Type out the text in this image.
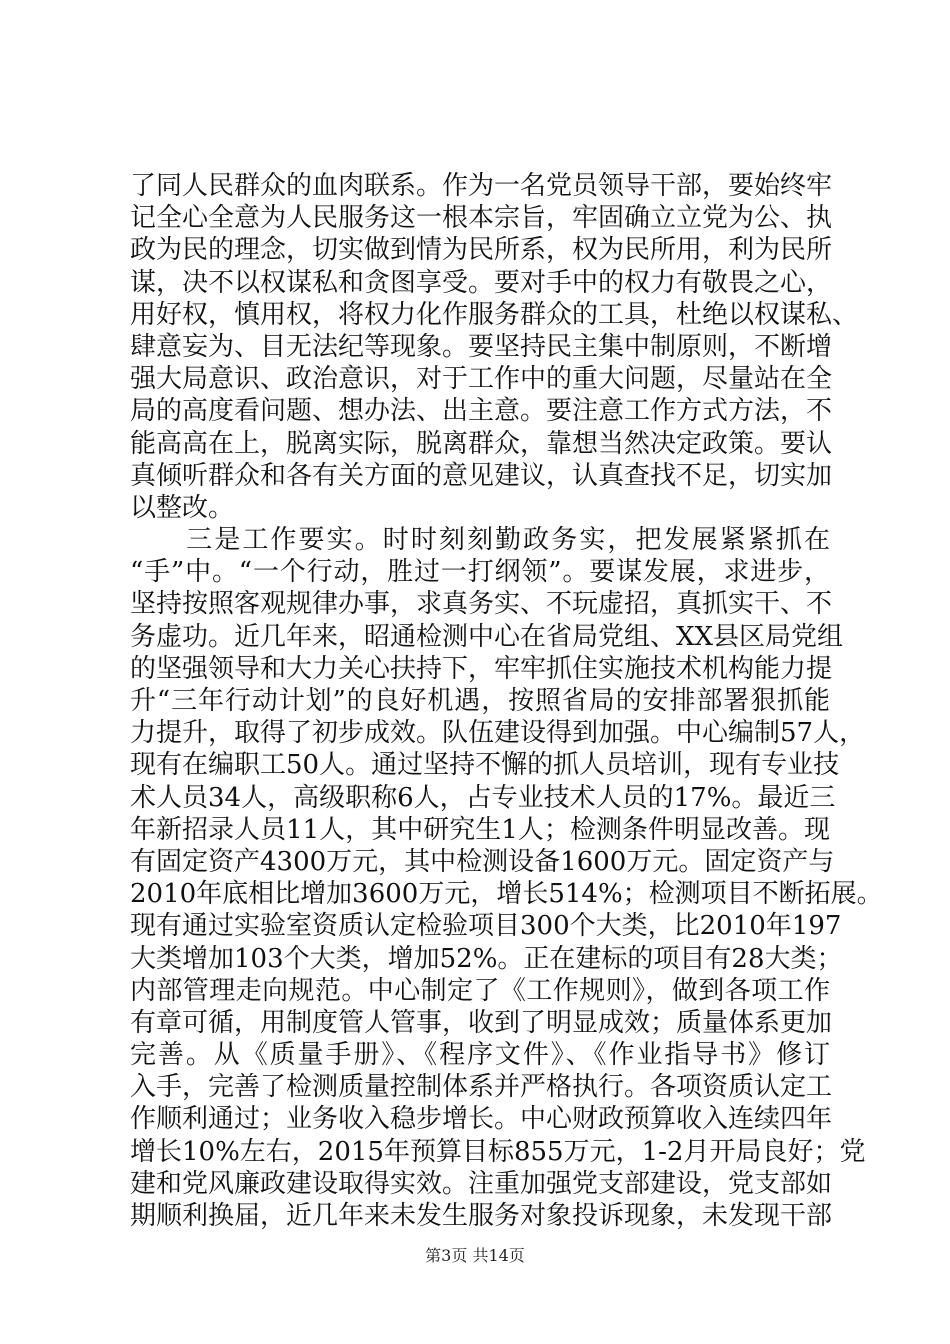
了同人民群众的血肉联系。作为一名党员领导干部，要始终牢
记全心全意为人民服务这一根本宗旨，牢固确立立党为公、执
政为民的理念，切实做到情为民所系，权为民所用，利为民所
谋，决不以权谋私和贪图享受。要对手中的权力有敬畏之心，
用好权，慎用权，将权力化作服务群众的工具，杜绝以权谋私、
肆意妄为、目无法纪等现象。要坚持民主集中制原则，不断增
强大局意识、政治意识，对于工作中的重大问题，尽量站在全
局的高度看问题、想办法、出主意。要注意工作方式方法，不
能高高在上，脱离实际，脱离群众，靠想当然决定政策。要认
真倾听群众和各有关方面的意见建议，认真查找不足，切实加
以整改。
　　三是工作要实。时时刻刻勤政务实，把发展紧紧抓在
“手”中。“一个行动，胜过一打纲领”。要谋发展，求进步，
坚持按照客观规律办事，求真务实、不玩虚招，真抓实干、不
务虚功。近几年来，昭通检测中心在省局党组、XX县区局党组
的坚强领导和大力关心扶持下，牢牢抓住实施技术机构能力提
升“三年行动计划”的良好机遇，按照省局的安排部署狠抓能
力提升，取得了初步成效。队伍建设得到加强。中心编制57人，
现有在编职工50人。通过坚持不懈的抓人员培训，现有专业技
术人员34人，高级职称6人，占专业技术人员的17%。最近三
年新招录人员11人，其中研究生1人；检测条件明显改善。现
有固定资产4300万元，其中检测设备1600万元。固定资产与
2010年底相比增加3600万元，增长514%；检测项目不断拓展。
现有通过实验室资质认定检验项目300个大类，比2010年197
大类增加103个大类，增加52%。正在建标的项目有28大类；
内部管理走向规范。中心制定了《工作规则》，做到各项工作
有章可循，用制度管人管事，收到了明显成效；质量体系更加
完善。从《质量手册》、《程序文件》、《作业指导书》修订
入手，完善了检测质量控制体系并严格执行。各项资质认定工
作顺利通过；业务收入稳步增长。中心财政预算收入连续四年
增长10%左右，2015年预算目标855万元，1-2月开局良好；党
建和党风廉政建设取得实效。注重加强党支部建设，党支部如
期顺利换届，近几年来未发生服务对象投诉现象，未发现干部
第3页 共14页
